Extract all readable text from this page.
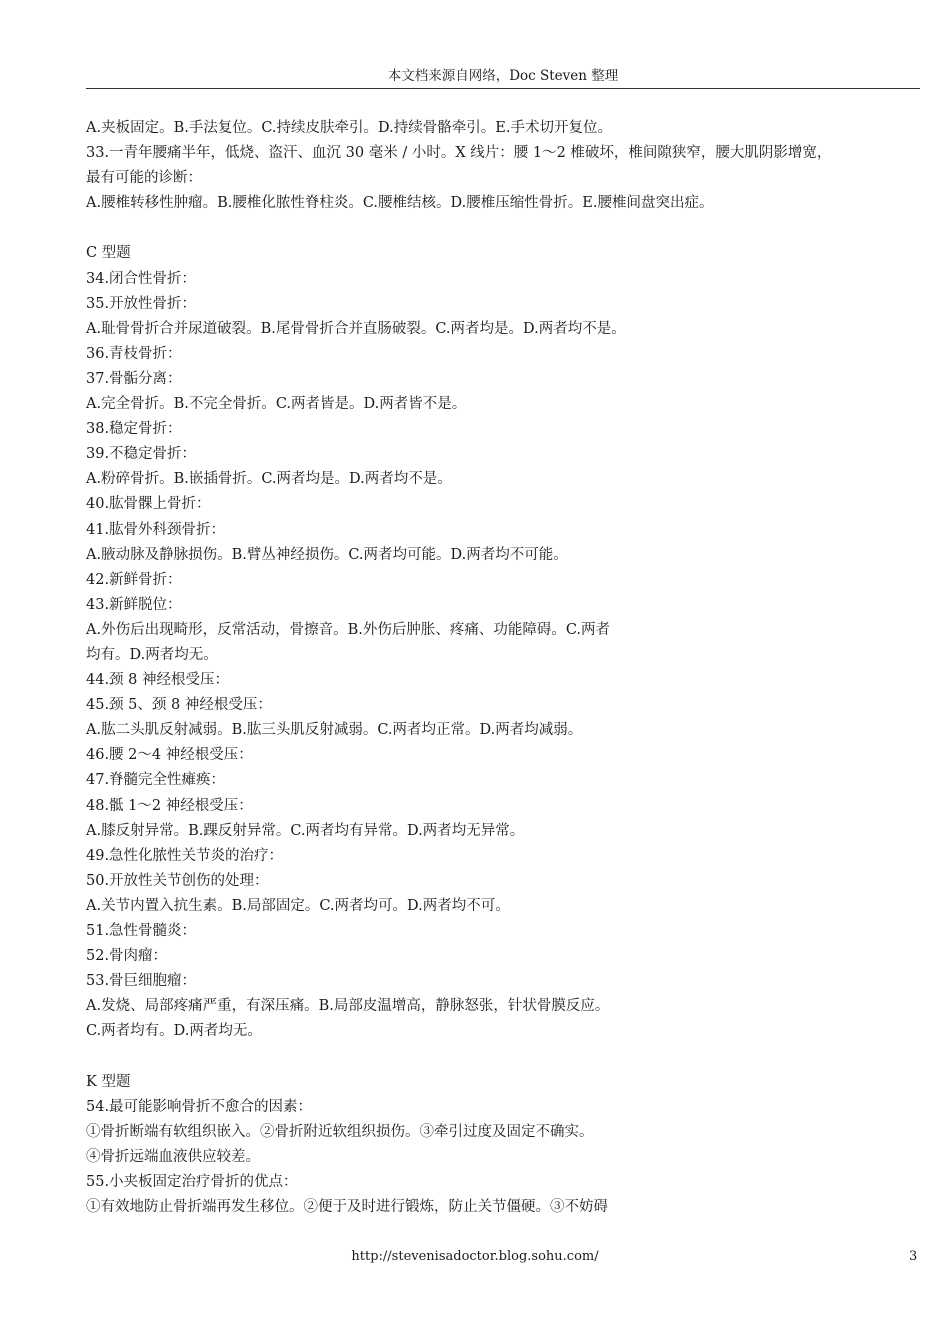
本文档来源自网络，Doc Steven 整理
A.夹板固定。B.手法复位。C.持续皮肤牵引。D.持续骨骼牵引。E.手术切开复位。
33.一青年腰痛半年，低烧、盗汗、血沉 30 毫米 / 小时。X 线片：腰 1～2 椎破坏，椎间隙狭窄，腰大肌阴影增宽，
最有可能的诊断：
A.腰椎转移性肿瘤。B.腰椎化脓性脊柱炎。C.腰椎结核。D.腰椎压缩性骨折。E.腰椎间盘突出症。
C 型题
34.闭合性骨折：
35.开放性骨折：
A.耻骨骨折合并尿道破裂。B.尾骨骨折合并直肠破裂。C.两者均是。D.两者均不是。
36.青枝骨折：
37.骨骺分离：
A.完全骨折。B.不完全骨折。C.两者皆是。D.两者皆不是。
38.稳定骨折：
39.不稳定骨折：
A.粉碎骨折。B.嵌插骨折。C.两者均是。D.两者均不是。
40.肱骨髁上骨折：
41.肱骨外科颈骨折：
A.腋动脉及静脉损伤。B.臂丛神经损伤。C.两者均可能。D.两者均不可能。
42.新鲜骨折：
43.新鲜脱位：
A.外伤后出现畸形，反常活动，骨擦音。B.外伤后肿胀、疼痛、功能障碍。C.两者
均有。D.两者均无。
44.颈 8 神经根受压：
45.颈 5、颈 8 神经根受压：
A.肱二头肌反射减弱。B.肱三头肌反射减弱。C.两者均正常。D.两者均减弱。
46.腰 2～4 神经根受压：
47.脊髓完全性瘫痪：
48.骶 1～2 神经根受压：
A.膝反射异常。B.踝反射异常。C.两者均有异常。D.两者均无异常。
49.急性化脓性关节炎的治疗：
50.开放性关节创伤的处理：
A.关节内置入抗生素。B.局部固定。C.两者均可。D.两者均不可。
51.急性骨髓炎：
52.骨肉瘤：
53.骨巨细胞瘤：
A.发烧、局部疼痛严重，有深压痛。B.局部皮温增高，静脉怒张，针状骨膜反应。
C.两者均有。D.两者均无。
K 型题
54.最可能影响骨折不愈合的因素：
①骨折断端有软组织嵌入。②骨折附近软组织损伤。③牵引过度及固定不确实。
④骨折远端血液供应较差。
55.小夹板固定治疗骨折的优点：
①有效地防止骨折端再发生移位。②便于及时进行锻炼，防止关节僵硬。③不妨碍
http://stevenisadoctor.blog.sohu.com/	3
